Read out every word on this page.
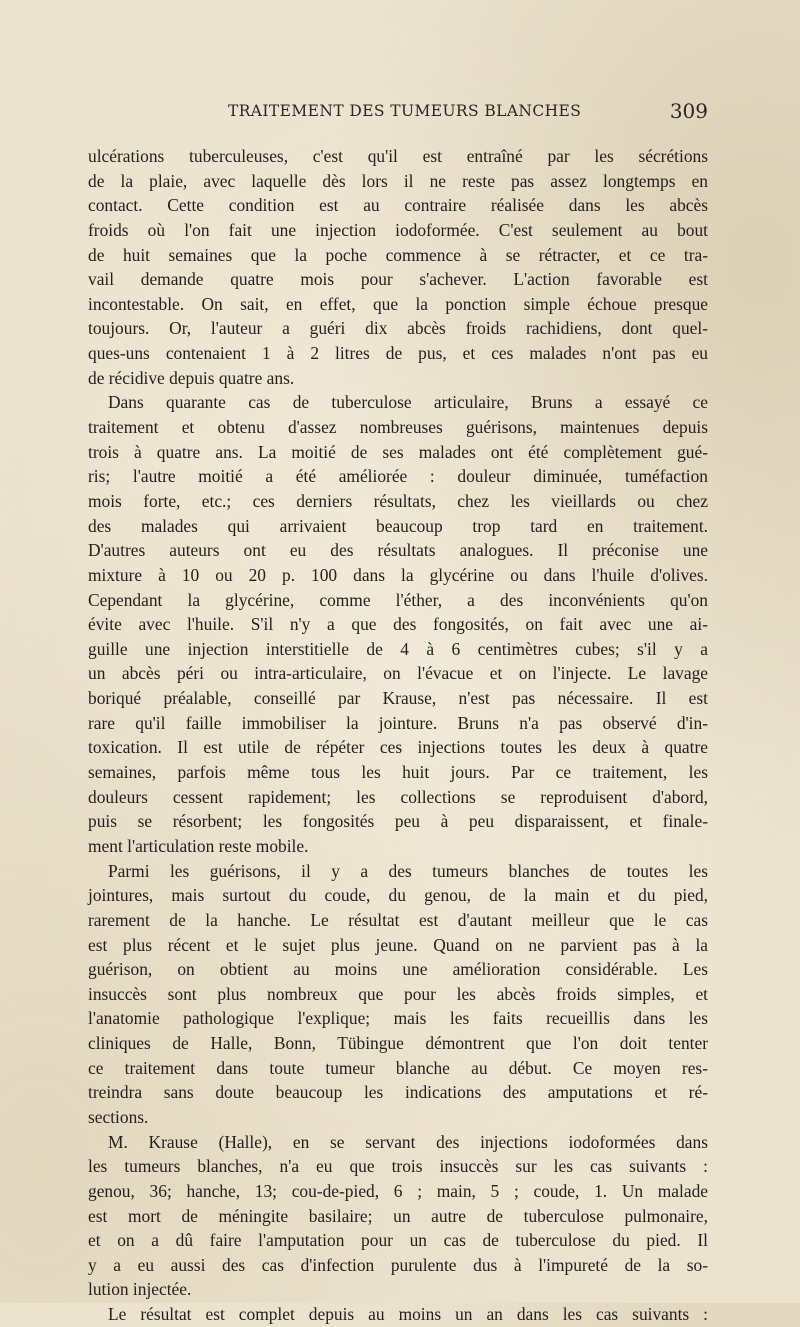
TRAITEMENT DES TUMEURS BLANCHES	309
ulcérations tuberculeuses, c'est qu'il est entraîné par les sécrétions
de la plaie, avec laquelle dès lors il ne reste pas assez longtemps en
contact. Cette condition est au contraire réalisée dans les abcès
froids où l'on fait une injection iodoformée. C'est seulement au bout
de huit semaines que la poche commence à se rétracter, et ce tra-
vail demande quatre mois pour s'achever. L'action favorable est
incontestable. On sait, en effet, que la ponction simple échoue presque
toujours. Or, l'auteur a guéri dix abcès froids rachidiens, dont quel-
ques-uns contenaient 1 à 2 litres de pus, et ces malades n'ont pas eu
de récidive depuis quatre ans.
Dans quarante cas de tuberculose articulaire, Bruns a essayé ce
traitement et obtenu d'assez nombreuses guérisons, maintenues depuis
trois à quatre ans. La moitié de ses malades ont été complètement gué-
ris; l'autre moitié a été améliorée : douleur diminuée, tuméfaction
mois forte, etc.; ces derniers résultats, chez les vieillards ou chez
des malades qui arrivaient beaucoup trop tard en traitement.
D'autres auteurs ont eu des résultats analogues. Il préconise une
mixture à 10 ou 20 p. 100 dans la glycérine ou dans l'huile d'olives.
Cependant la glycérine, comme l'éther, a des inconvénients qu'on
évite avec l'huile. S'il n'y a que des fongosités, on fait avec une ai-
guille une injection interstitielle de 4 à 6 centimètres cubes; s'il y a
un abcès péri ou intra-articulaire, on l'évacue et on l'injecte. Le lavage
boriqué préalable, conseillé par Krause, n'est pas nécessaire. Il est
rare qu'il faille immobiliser la jointure. Bruns n'a pas observé d'in-
toxication. Il est utile de répéter ces injections toutes les deux à quatre
semaines, parfois même tous les huit jours. Par ce traitement, les
douleurs cessent rapidement; les collections se reproduisent d'abord,
puis se résorbent; les fongosités peu à peu disparaissent, et finale-
ment l'articulation reste mobile.
Parmi les guérisons, il y a des tumeurs blanches de toutes les
jointures, mais surtout du coude, du genou, de la main et du pied,
rarement de la hanche. Le résultat est d'autant meilleur que le cas
est plus récent et le sujet plus jeune. Quand on ne parvient pas à la
guérison, on obtient au moins une amélioration considérable. Les
insuccès sont plus nombreux que pour les abcès froids simples, et
l'anatomie pathologique l'explique; mais les faits recueillis dans les
cliniques de Halle, Bonn, Tübingue démontrent que l'on doit tenter
ce traitement dans toute tumeur blanche au début. Ce moyen res-
treindra sans doute beaucoup les indications des amputations et ré-
sections.
M. Krause (Halle), en se servant des injections iodoformées dans
les tumeurs blanches, n'a eu que trois insuccès sur les cas suivants :
genou, 36; hanche, 13; cou-de-pied, 6 ; main, 5 ; coude, 1. Un malade
est mort de méningite basilaire; un autre de tuberculose pulmonaire,
et on a dû faire l'amputation pour un cas de tuberculose du pied. Il
y a eu aussi des cas d'infection purulente dus à l'impureté de la so-
lution injectée.
Le résultat est complet depuis au moins un an dans les cas suivants :
